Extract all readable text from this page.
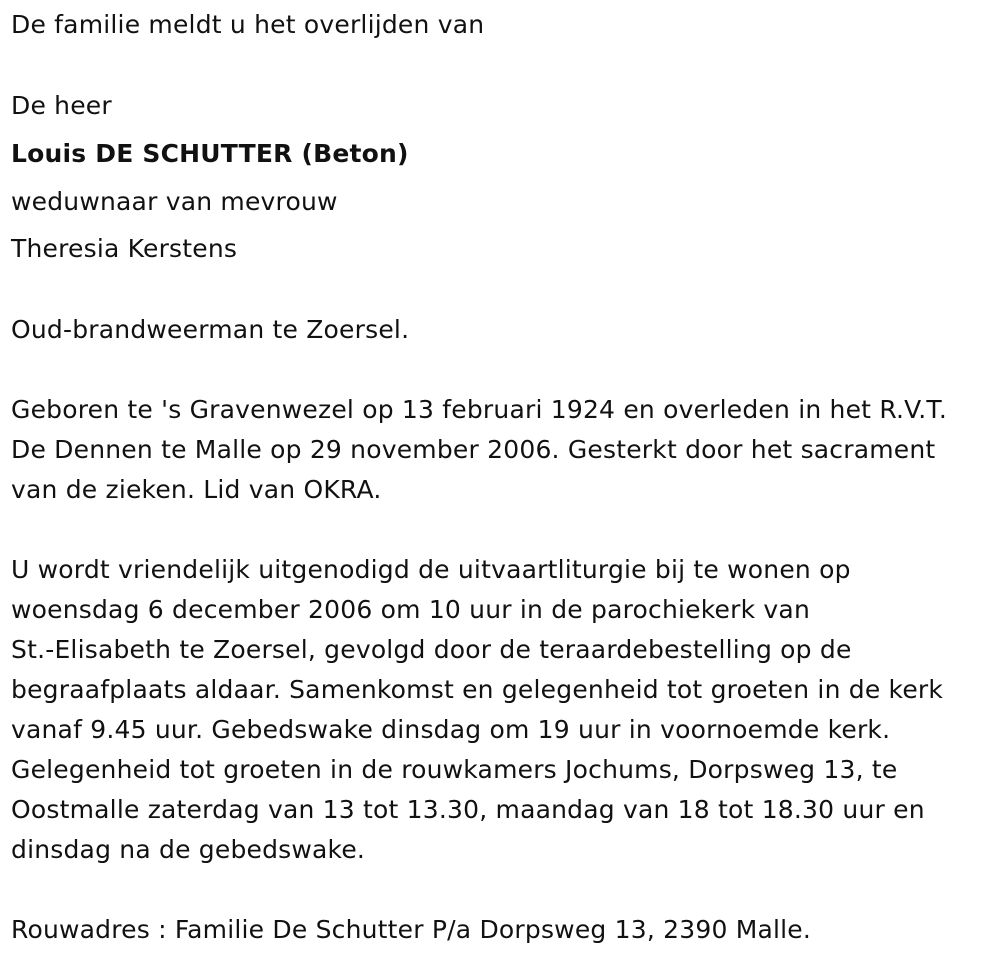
De familie meldt u het overlijden van
De heer
Louis DE SCHUTTER (Beton)
weduwnaar van mevrouw
Theresia Kerstens
Oud-brandweerman te Zoersel.
Geboren te 's Gravenwezel op 13 februari 1924 en overleden in het R.V.T.
De Dennen te Malle op 29 november 2006. Gesterkt door het sacrament
van de zieken. Lid van OKRA.
U wordt vriendelijk uitgenodigd de uitvaartliturgie bij te wonen op
woensdag 6 december 2006 om 10 uur in de parochiekerk van
St.-Elisabeth te Zoersel, gevolgd door de teraardebestelling op de
begraafplaats aldaar. Samenkomst en gelegenheid tot groeten in de kerk
vanaf 9.45 uur. Gebedswake dinsdag om 19 uur in voornoemde kerk.
Gelegenheid tot groeten in de rouwkamers Jochums, Dorpsweg 13, te
Oostmalle zaterdag van 13 tot 13.30, maandag van 18 tot 18.30 uur en
dinsdag na de gebedswake.
Rouwadres : Familie De Schutter P/a Dorpsweg 13, 2390 Malle.
